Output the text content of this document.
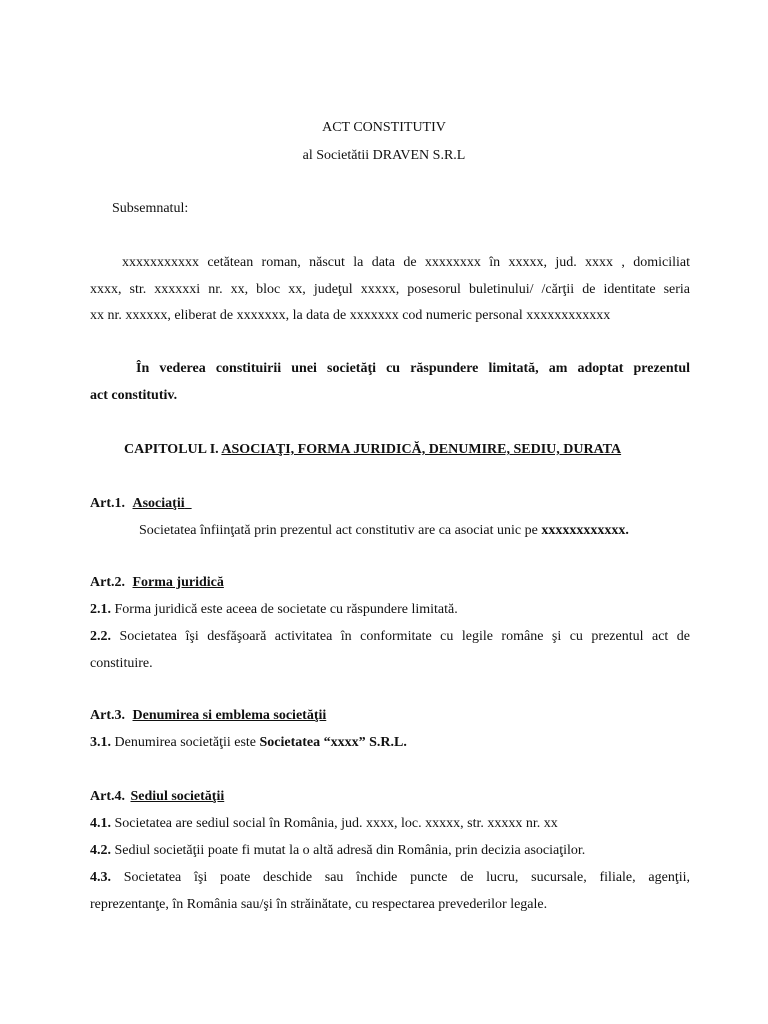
ACT CONSTITUTIV
al Societătii DRAVEN S.R.L
Subsemnatul:
xxxxxxxxxxx cetătean roman, născut la data de xxxxxxxx în xxxxx, jud. xxxx , domiciliat
xxxx, str. xxxxxxi nr. xx, bloc xx, judeţul xxxxx, posesorul buletinului/ /cărţii de identitate seria
xx nr. xxxxxx, eliberat de xxxxxxx, la data de xxxxxxx cod numeric personal xxxxxxxxxxxx
În vederea constituirii unei societăţi cu răspundere limitată, am adoptat prezentul
act constitutiv.
CAPITOLUL I. ASOCIAŢI, FORMA JURIDICĂ, DENUMIRE, SEDIU, DURATA
Art.1. Asociaţii
Societatea înfiinţată prin prezentul act constitutiv are ca asociat unic pe xxxxxxxxxxxx.
Art.2. Forma juridică
2.1. Forma juridică este aceea de societate cu răspundere limitată.
2.2. Societatea îşi desfăşoară activitatea în conformitate cu legile române şi cu prezentul act de
constituire.
Art.3. Denumirea si emblema societăţii
3.1. Denumirea societăţii este Societatea “xxxx” S.R.L.
Art.4. Sediul societăţii
4.1. Societatea are sediul social în România, jud. xxxx, loc. xxxxx, str. xxxxx nr. xx
4.2. Sediul societăţii poate fi mutat la o altă adresă din România, prin decizia asociaţilor.
4.3. Societatea îşi poate deschide sau închide puncte de lucru, sucursale, filiale, agenţii,
reprezentanţe, în România sau/şi în străinătate, cu respectarea prevederilor legale.
